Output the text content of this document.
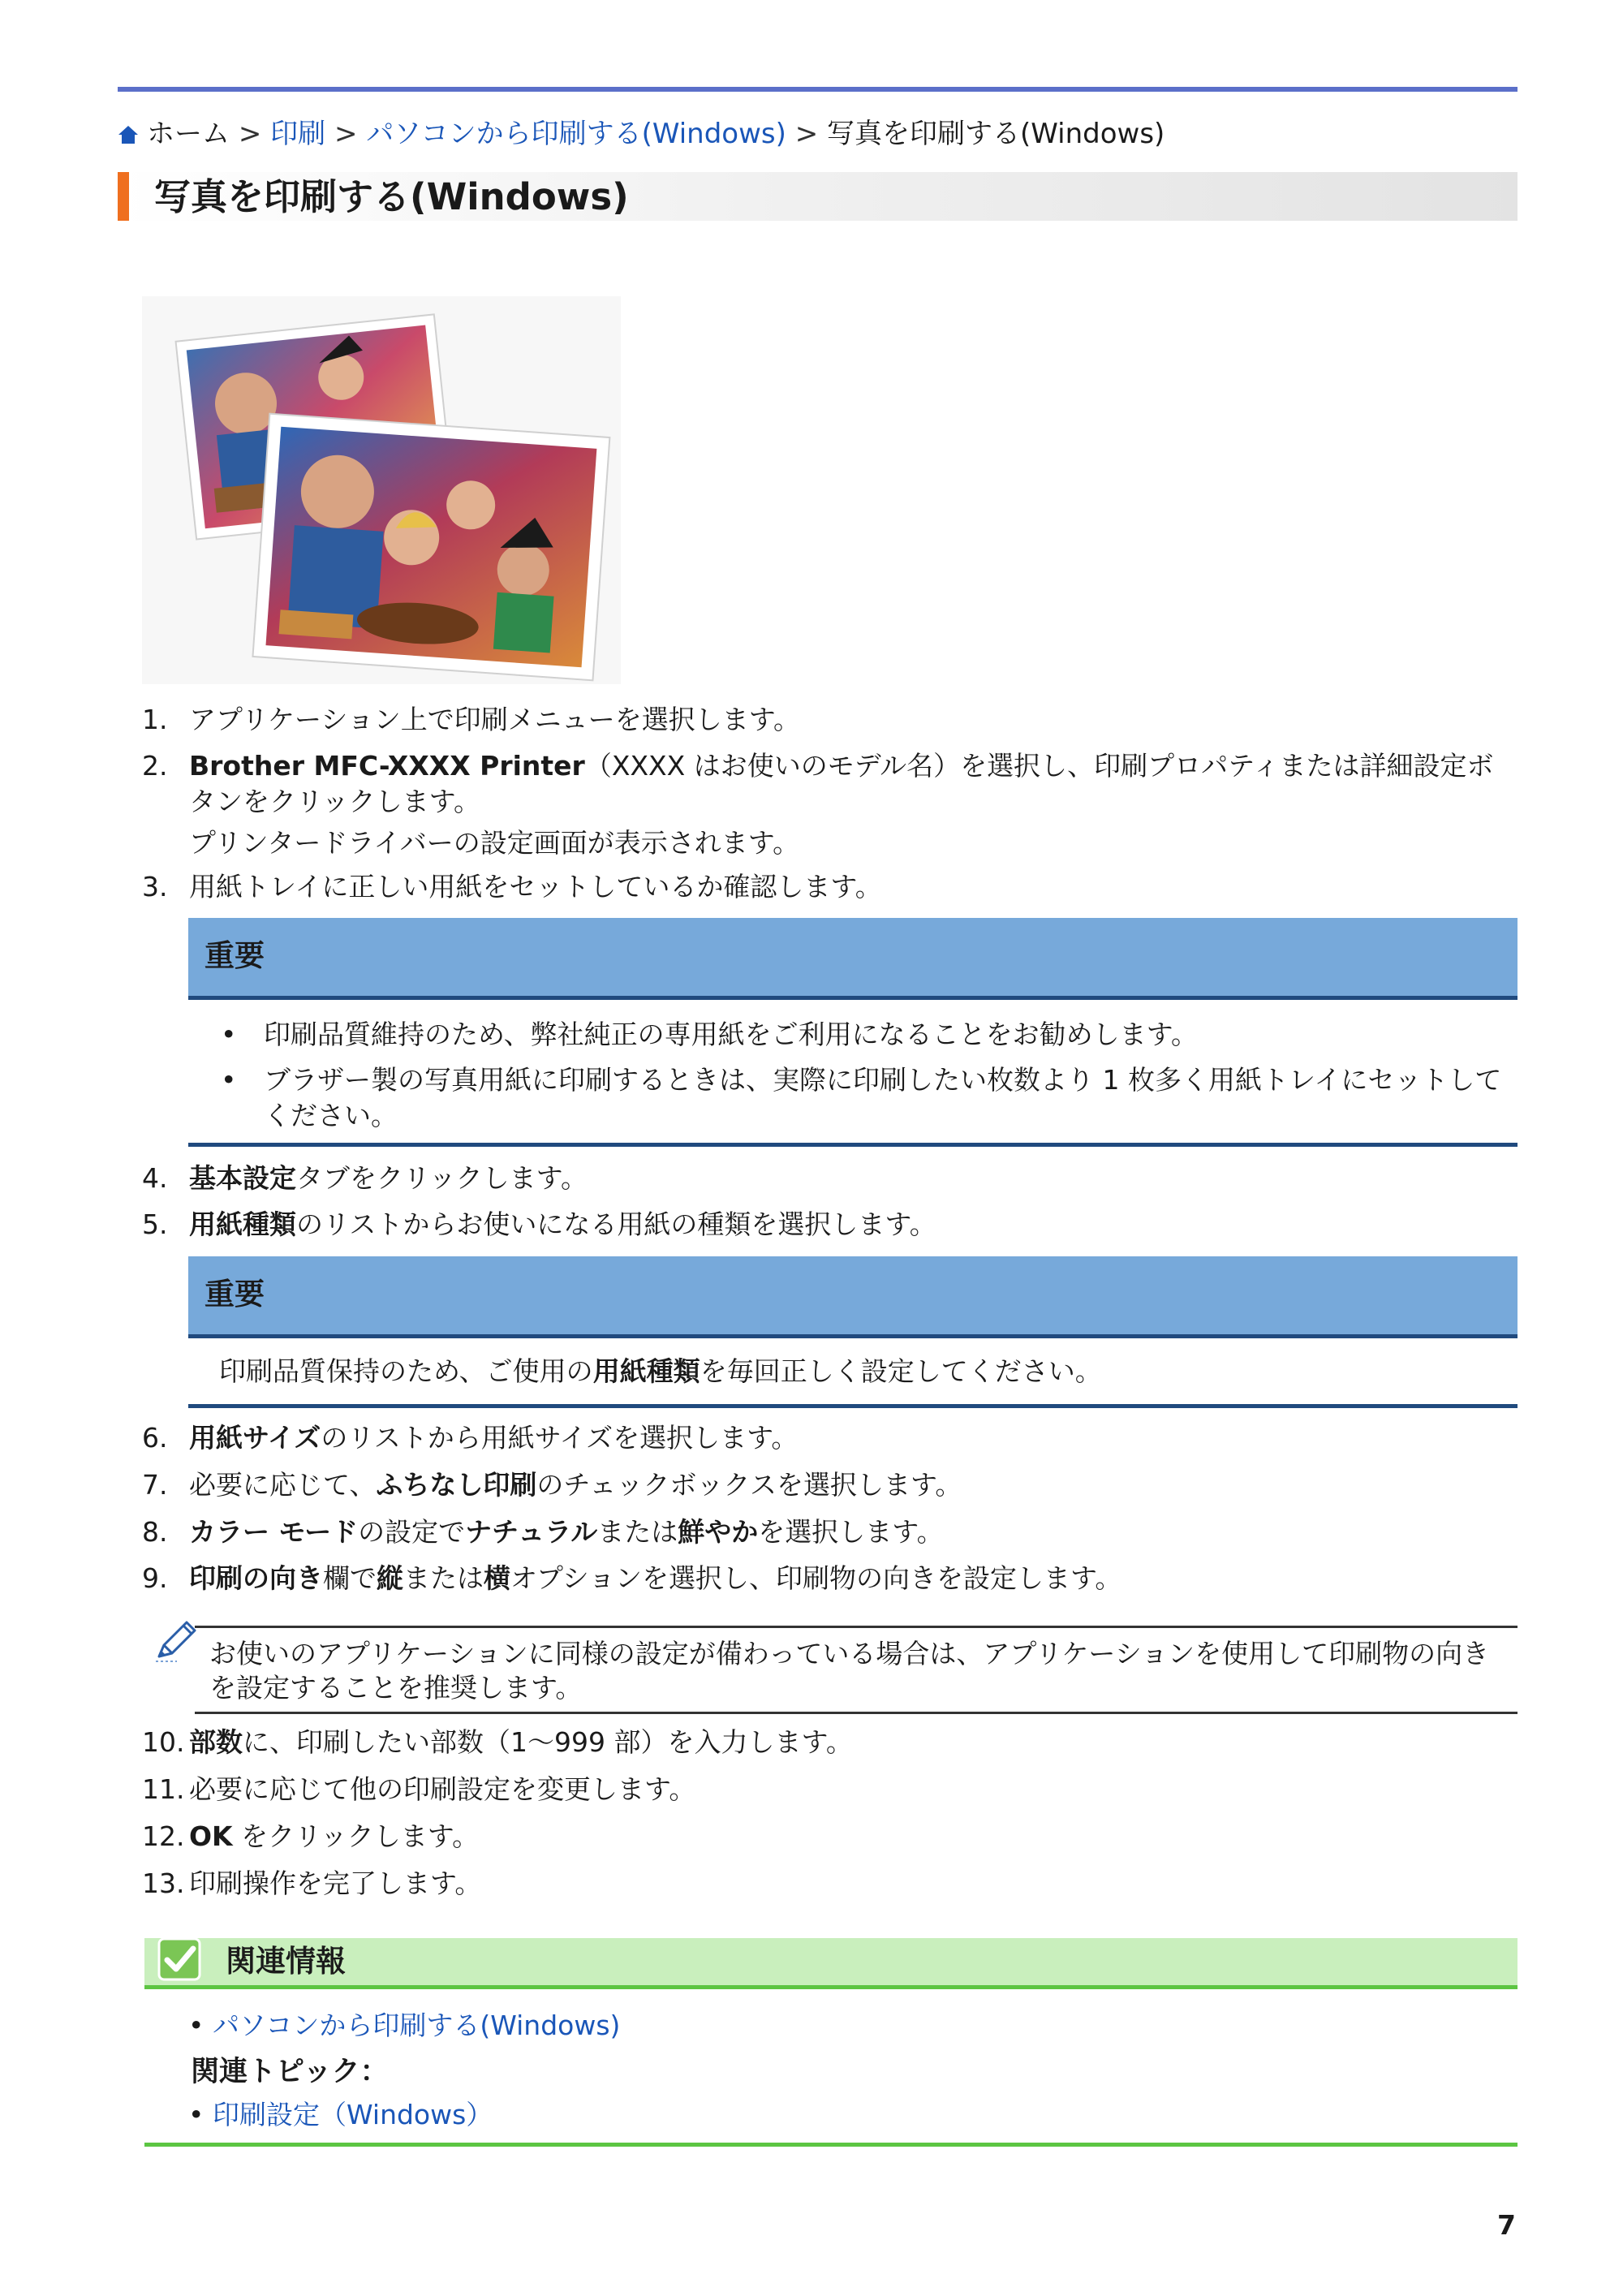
ホーム > 印刷 > パソコンから印刷する(Windows) > 写真を印刷する(Windows)
写真を印刷する(Windows)
1. アプリケーション上で印刷メニューを選択します。
2. Brother MFC-XXXX Printer（XXXX はお使いのモデル名）を選択し、印刷プロパティまたは詳細設定ボタンをクリックします。
プリンタードライバーの設定画面が表示されます。
3. 用紙トレイに正しい用紙をセットしているか確認します。
重要
• 印刷品質維持のため、弊社純正の専用紙をご利用になることをお勧めします。
• ブラザー製の写真用紙に印刷するときは、実際に印刷したい枚数より 1 枚多く用紙トレイにセットしてください。
4. 基本設定タブをクリックします。
5. 用紙種類のリストからお使いになる用紙の種類を選択します。
重要
印刷品質保持のため、ご使用の用紙種類を毎回正しく設定してください。
6. 用紙サイズのリストから用紙サイズを選択します。
7. 必要に応じて、ふちなし印刷のチェックボックスを選択します。
8. カラー モードの設定でナチュラルまたは鮮やかを選択します。
9. 印刷の向き欄で縦または横オプションを選択し、印刷物の向きを設定します。
お使いのアプリケーションに同様の設定が備わっている場合は、アプリケーションを使用して印刷物の向きを設定することを推奨します。
10. 部数に、印刷したい部数（1～999 部）を入力します。
11. 必要に応じて他の印刷設定を変更します。
12. OK をクリックします。
13. 印刷操作を完了します。
関連情報
• パソコンから印刷する(Windows)
関連トピック：
• 印刷設定（Windows）
7
